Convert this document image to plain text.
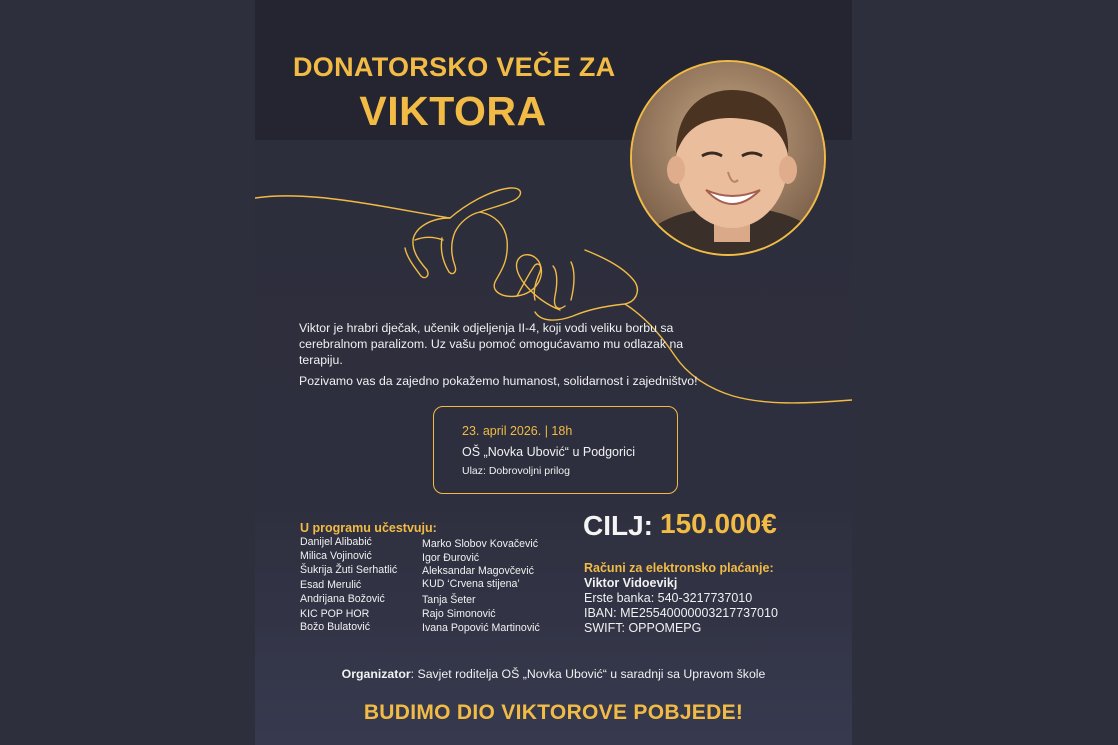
DONATORSKO VEČE ZA
VIKTORA
Viktor je hrabri dječak, učenik odjeljenja II-4, koji vodi veliku borbu sa cerebralnom paralizom. Uz vašu pomoć omogućavamo mu odlazak na terapiju.
Pozivamo vas da zajedno pokažemo humanost, solidarnost i zajedništvo!
23. april 2026. | 18h
OŠ „Novka Ubović“ u Podgorici
Ulaz: Dobrovoljni prilog
U programu učestvuju:
Danijel Alibabić
Milica Vojinović
Šukrija Žuti Serhatlić
Esad Merulić
Andrijana Božović
KIC POP HOR
Božo Bulatović
Marko Slobov Kovačević
Igor Đurović
Aleksandar Magovčević
KUD ‘Crvena stijena’
Tanja Šeter
Rajo Simonović
Ivana Popović Martinović
CILJ: 150.000€
Računi za elektronsko plaćanje:
Viktor Vidoevikj
Erste banka: 540-3217737010
IBAN: ME25540000003217737010
SWIFT: OPPOMEPG
Organizator: Savjet roditelja OŠ „Novka Ubović“ u saradnji sa Upravom škole
BUDIMO DIO VIKTOROVE POBJEDE!
